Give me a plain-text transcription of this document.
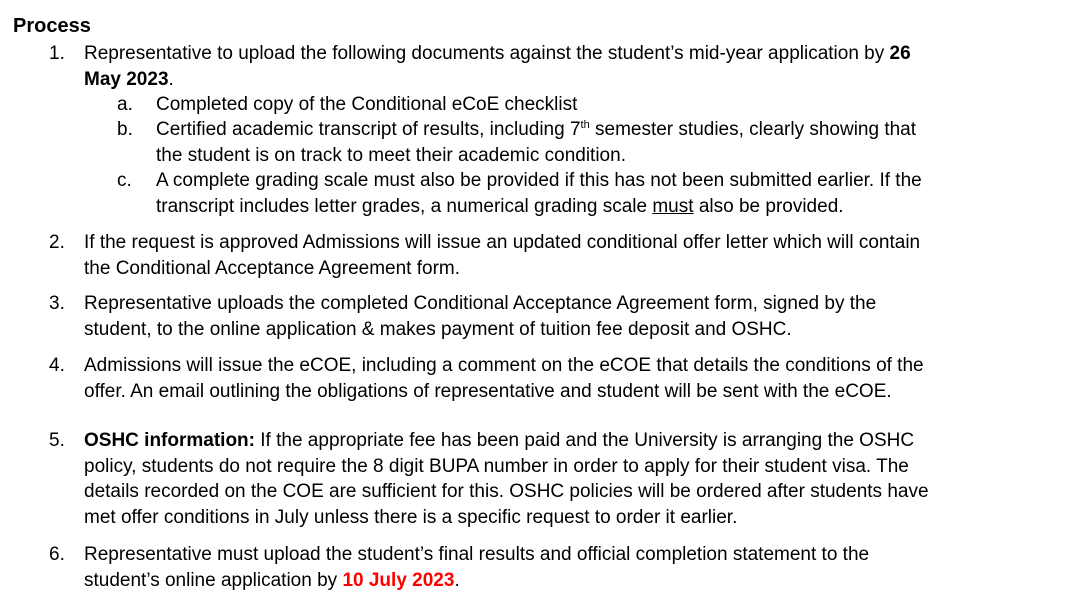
Process
1. Representative to upload the following documents against the student’s mid-year application by 26
May 2023.
a. Completed copy of the Conditional eCoE checklist
b. Certified academic transcript of results, including 7th semester studies, clearly showing that
the student is on track to meet their academic condition.
c. A complete grading scale must also be provided if this has not been submitted earlier. If the
transcript includes letter grades, a numerical grading scale must also be provided.
2. If the request is approved Admissions will issue an updated conditional offer letter which will contain
the Conditional Acceptance Agreement form.
3. Representative uploads the completed Conditional Acceptance Agreement form, signed by the
student, to the online application & makes payment of tuition fee deposit and OSHC.
4. Admissions will issue the eCOE, including a comment on the eCOE that details the conditions of the
offer. An email outlining the obligations of representative and student will be sent with the eCOE.
5. OSHC information: If the appropriate fee has been paid and the University is arranging the OSHC
policy, students do not require the 8 digit BUPA number in order to apply for their student visa. The
details recorded on the COE are sufficient for this. OSHC policies will be ordered after students have
met offer conditions in July unless there is a specific request to order it earlier.
6. Representative must upload the student’s final results and official completion statement to the
student’s online application by 10 July 2023.
